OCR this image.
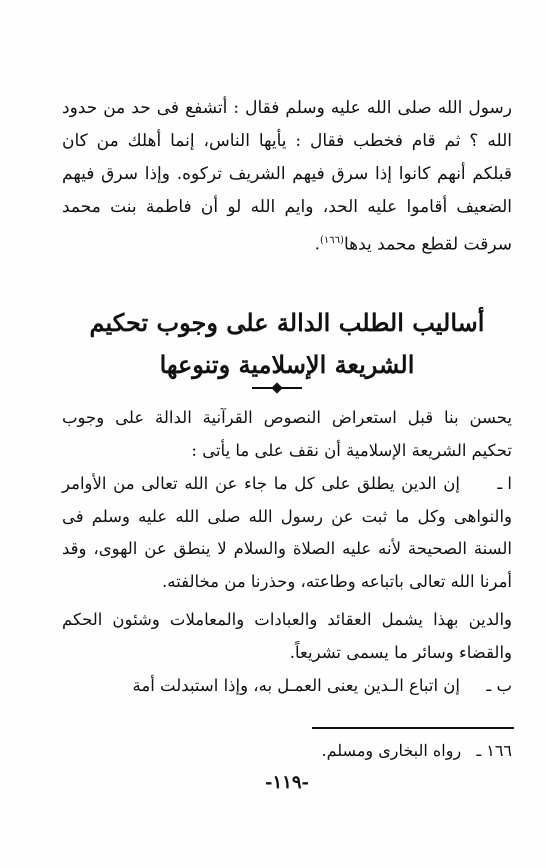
رسول الله صلى الله عليه وسلم فقال : أتشفع فى حد من حدود الله ؟ ثم قام فخطب فقال : يأيها الناس، إنما أهلك من كان قبلكم أنهم كانوا إذا سرق فيهم الشريف تركوه. وإذا سرق فيهم الضعيف أقاموا عليه الحد، وايم الله لو أن فاطمة بنت محمد سرقت لقطع محمد يدها$^{(١٦٦)}$.

أساليب الطلب الدالة على وجوب تحكيم الشريعة الإسلامية وتنوعها

يحسن بنا قبل استعراض النصوص القرآنية الدالة على وجوب تحكيم الشريعة الإسلامية أن نقف على ما يأتى :

ا ـإن الدين يطلق على كل ما جاء عن الله تعالى من الأوامر والنواهى وكل ما ثبت عن رسول الله صلى الله عليه وسلم فى السنة الصحيحة لأنه عليه الصلاة والسلام لا ينطق عن الهوى، وقد أمرنا الله تعالى باتباعه وطاعته، وحذرنا من مخالفته.

والدين بهذا يشمل العقائد والعبادات والمعاملات وشئون الحكم والقضاء وسائر ما يسمى تشريعاً.

ب ـإن اتباع الـدين يعنى العمـل به، وإذا استبدلت أمة

١٦٦ ـ   رواه البخارى ومسلم.

-١١٩-
